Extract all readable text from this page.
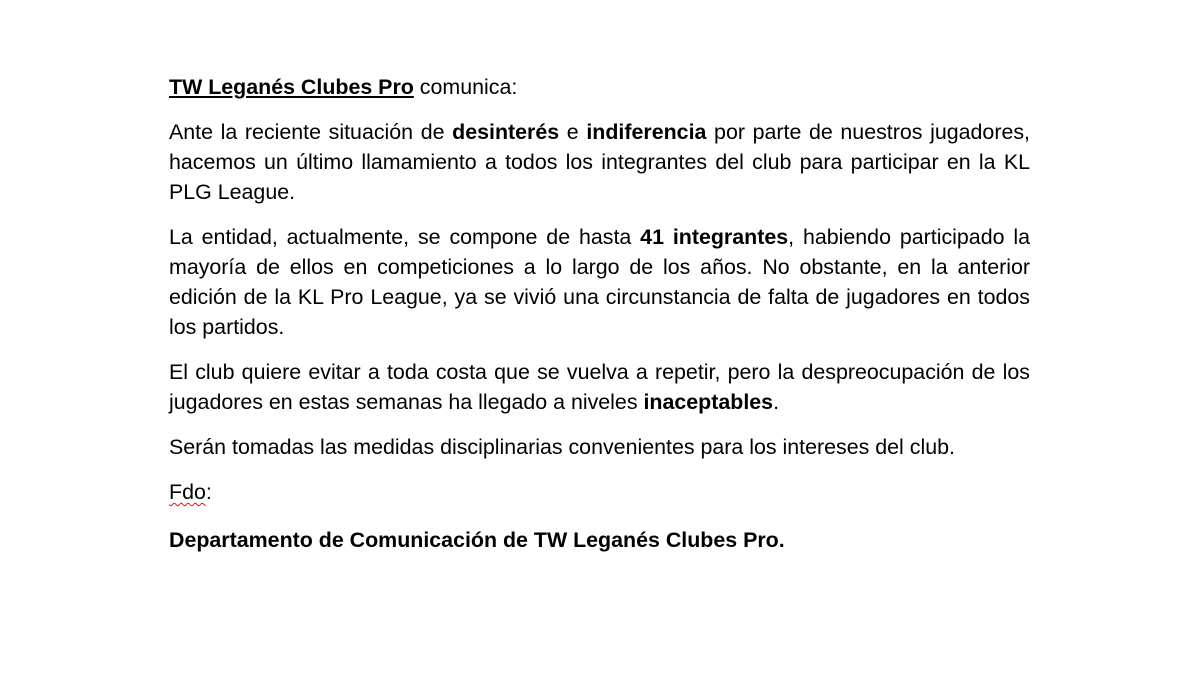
TW Leganés Clubes Pro comunica:

Ante la reciente situación de desinterés e indiferencia por parte de nuestros jugadores, hacemos un último llamamiento a todos los integrantes del club para participar en la KL PLG League.

La entidad, actualmente, se compone de hasta 41 integrantes, habiendo participado la mayoría de ellos en competiciones a lo largo de los años. No obstante, en la anterior edición de la KL Pro League, ya se vivió una circunstancia de falta de jugadores en todos los partidos.

El club quiere evitar a toda costa que se vuelva a repetir, pero la despreocupación de los jugadores en estas semanas ha llegado a niveles inaceptables.

Serán tomadas las medidas disciplinarias convenientes para los intereses del club.

Fdo:

Departamento de Comunicación de TW Leganés Clubes Pro.
